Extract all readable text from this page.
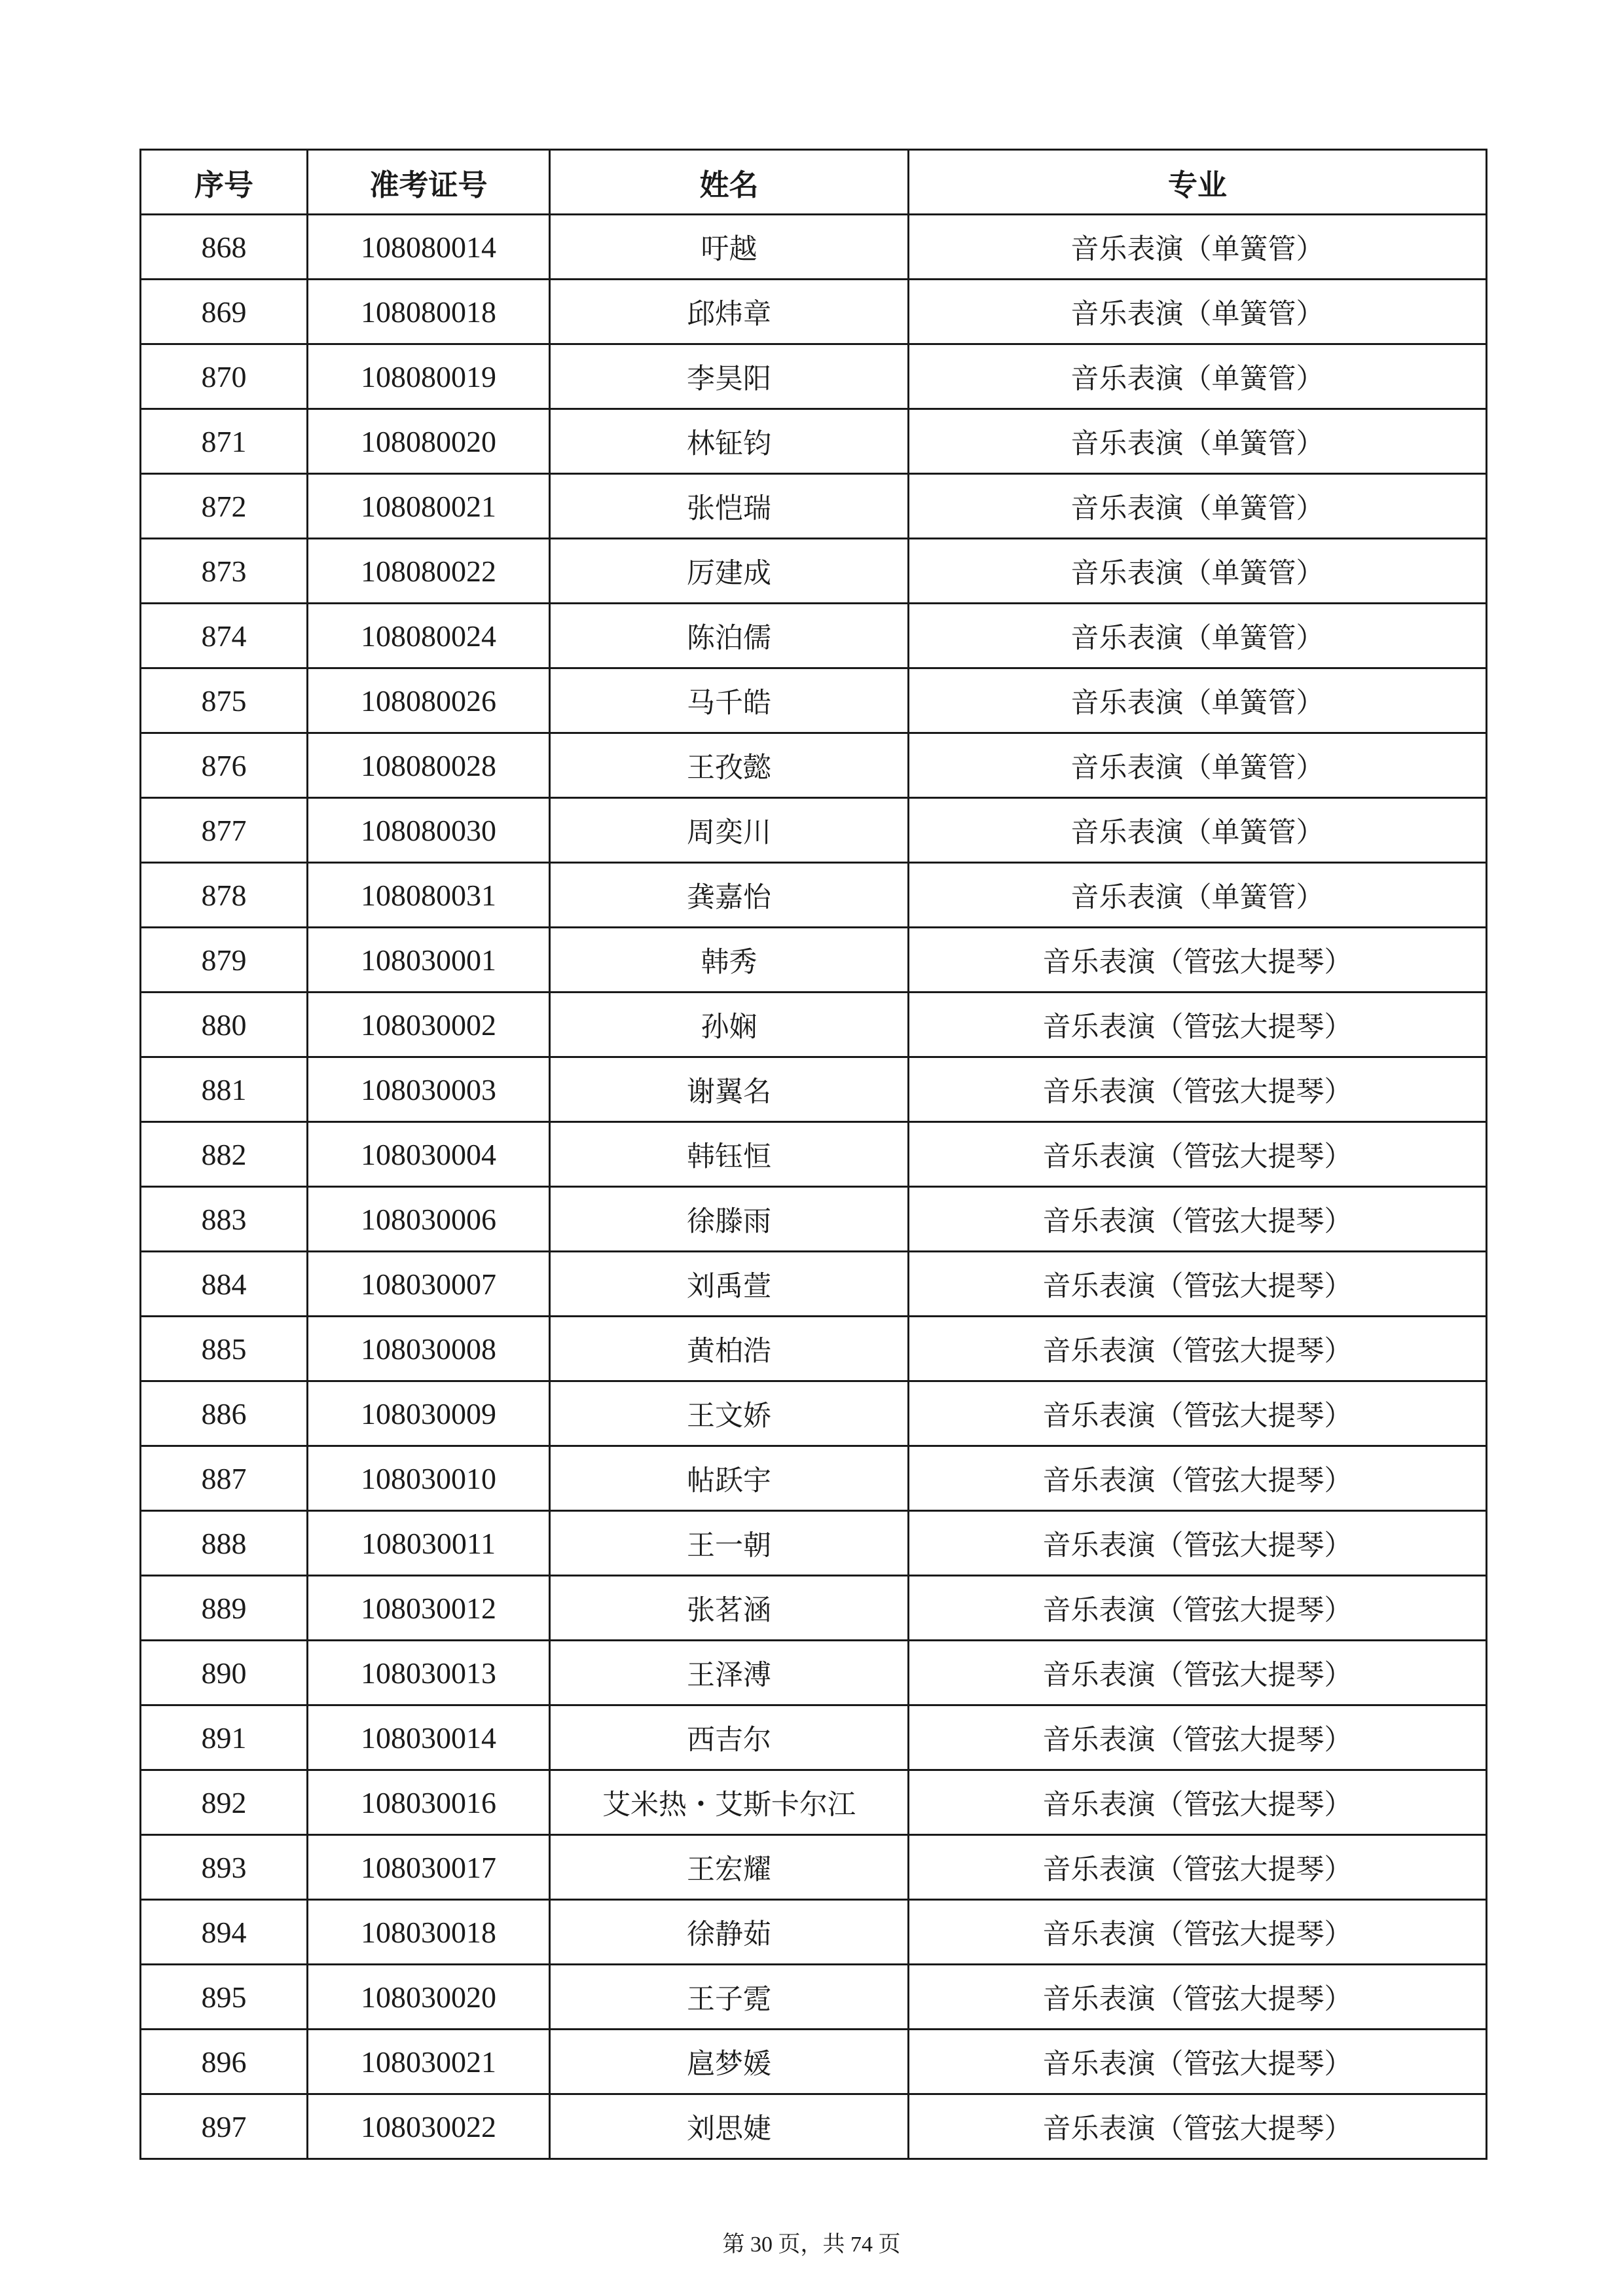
序号	准考证号	姓名	专业
868	108080014	吁越	音乐表演（单簧管）
869	108080018	邱炜章	音乐表演（单簧管）
870	108080019	李昊阳	音乐表演（单簧管）
871	108080020	林钲钧	音乐表演（单簧管）
872	108080021	张恺瑞	音乐表演（单簧管）
873	108080022	厉建成	音乐表演（单簧管）
874	108080024	陈泊儒	音乐表演（单簧管）
875	108080026	马千皓	音乐表演（单簧管）
876	108080028	王孜懿	音乐表演（单簧管）
877	108080030	周奕川	音乐表演（单簧管）
878	108080031	龚嘉怡	音乐表演（单簧管）
879	108030001	韩秀	音乐表演（管弦大提琴）
880	108030002	孙娴	音乐表演（管弦大提琴）
881	108030003	谢翼名	音乐表演（管弦大提琴）
882	108030004	韩钰恒	音乐表演（管弦大提琴）
883	108030006	徐滕雨	音乐表演（管弦大提琴）
884	108030007	刘禹萱	音乐表演（管弦大提琴）
885	108030008	黄柏浩	音乐表演（管弦大提琴）
886	108030009	王文娇	音乐表演（管弦大提琴）
887	108030010	帖跃宇	音乐表演（管弦大提琴）
888	108030011	王一朝	音乐表演（管弦大提琴）
889	108030012	张茗涵	音乐表演（管弦大提琴）
890	108030013	王泽溥	音乐表演（管弦大提琴）
891	108030014	西吉尔	音乐表演（管弦大提琴）
892	108030016	艾米热・艾斯卡尔江	音乐表演（管弦大提琴）
893	108030017	王宏耀	音乐表演（管弦大提琴）
894	108030018	徐静茹	音乐表演（管弦大提琴）
895	108030020	王子霓	音乐表演（管弦大提琴）
896	108030021	扈梦媛	音乐表演（管弦大提琴）
897	108030022	刘思婕	音乐表演（管弦大提琴）
第 30 页，共 74 页
